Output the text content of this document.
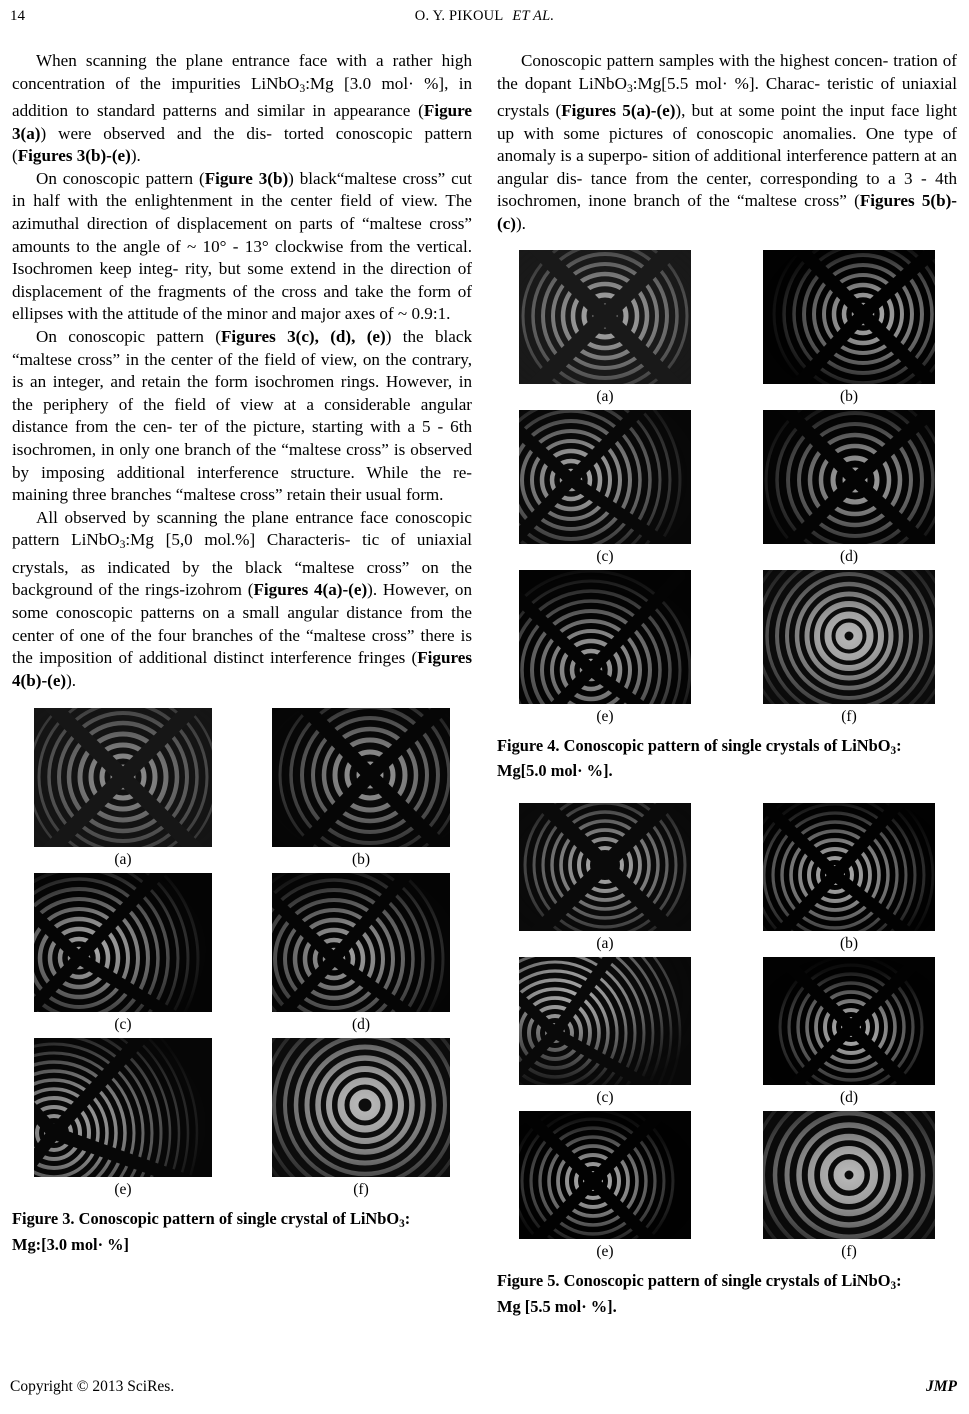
14	O. Y. PIKOUL ET AL.

When scanning the plane entrance face with a rather high concentration of the impurities LiNbO$_3$:Mg [3.0 mol· %], in addition to standard patterns and similar in appearance (Figure 3(a)) were observed and the dis- torted conoscopic pattern (Figures 3(b)-(e)).

On conoscopic pattern (Figure 3(b)) black“maltese cross” cut in half with the enlightenment in the center field of view. The azimuthal direction of displacement on parts of “maltese cross” amounts to the angle of ~ 10° - 13° clockwise from the vertical. Isochromen keep integ- rity, but some extend in the direction of displacement of the fragments of the cross and take the form of ellipses with the attitude of the minor and major axes of ~ 0.9:1.

On conoscopic pattern (Figures 3(c), (d), (e)) the black “maltese cross” in the center of the field of view, on the contrary, is an integer, and retain the form isochromen rings. However, in the periphery of the field of view at a considerable angular distance from the cen- ter of the picture, starting with a 5 - 6th isochromen, in only one branch of the “maltese cross” is observed by imposing additional interference structure. While the re- maining three branches “maltese cross” retain their usual form.

All observed by scanning the plane entrance face conoscopic pattern LiNbO$_3$:Mg [5,0 mol.%] Characteris- tic of uniaxial crystals, as indicated by the black “maltese cross” on the background of the rings-izohrom (Figures 4(a)-(e)). However, on some conoscopic patterns on a small angular distance from the center of one of the four branches of the “maltese cross” there is the imposition of additional distinct interference fringes (Figures 4(b)-(e)).

(a)	(b)
(c)	(d)
(e)	(f)
Figure 3. Conoscopic pattern of single crystal of LiNbO$_3$:
Mg:[3.0 mol· %]

Conoscopic pattern samples with the highest concen- tration of the dopant LiNbO$_3$:Mg[5.5 mol· %]. Charac- teristic of uniaxial crystals (Figures 5(a)-(e)), but at some point the input face light up with some pictures of conoscopic anomalies. One type of anomaly is a superpo- sition of additional interference pattern at an angular dis- tance from the center, corresponding to a 3 - 4th isochromen, inone branch of the “maltese cross” (Figures 5(b)-(c)).

(a)	(b)
(c)	(d)
(e)	(f)
Figure 4. Conoscopic pattern of single crystals of LiNbO$_3$:
Mg[5.0 mol· %].
(a)	(b)
(c)	(d)
(e)	(f)
Figure 5. Conoscopic pattern of single crystals of LiNbO$_3$:
Mg [5.5 mol· %].
Copyright © 2013 SciRes.	JMP
